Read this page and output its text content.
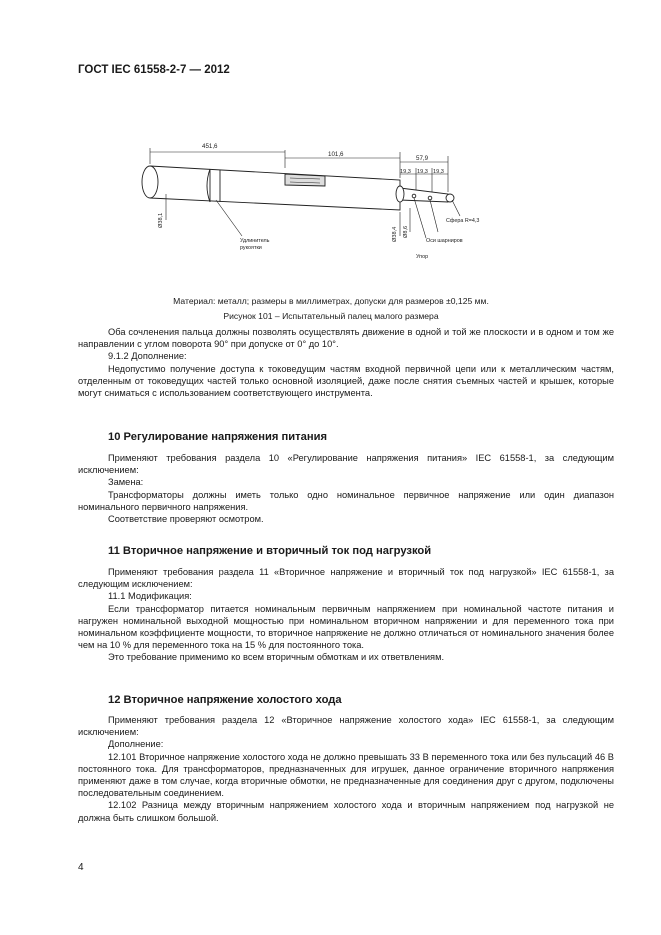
ГОСТ IEC 61558-2-7 — 2012
451,6
101,6
57,9
19,3 19,3 19,3
Ø38,1
Ø38,4 Ø8,6
Удлинитель
рукоятки
Сфера R=4,3
Оси шарниров
Упор
Материал: металл; размеры в миллиметрах, допуски для размеров ±0,125 мм.
Рисунок 101 – Испытательный палец малого размера

Оба сочленения пальца должны позволять осуществлять движение в одной и той же плоскости и в одном и том же направлении с углом поворота 90° при допуске от 0° до 10°.

9.1.2 Дополнение:

Недопустимо получение доступа к токоведущим частям входной первичной цепи или к металлическим частям, отделенным от токоведущих частей только основной изоляцией, даже после снятия съемных частей и крышек, которые могут сниматься с использованием соответствующего инструмента.

10 Регулирование напряжения питания

Применяют требования раздела 10 «Регулирование напряжения питания» IEC 61558-1, за следующим исключением:

Замена:

Трансформаторы должны иметь только одно номинальное первичное напряжение или один диапазон номинального первичного напряжения.

Соответствие проверяют осмотром.

11 Вторичное напряжение и вторичный ток под нагрузкой

Применяют требования раздела 11 «Вторичное напряжение и вторичный ток под нагрузкой» IEC 61558-1, за следующим исключением:

11.1 Модификация:

Если трансформатор питается номинальным первичным напряжением при номинальной частоте питания и нагружен номинальной выходной мощностью при номинальном вторичном напряжении и для переменного тока при номинальном коэффициенте мощности, то вторичное напряжение не должно отличаться от номинального значения более чем на 10 % для переменного тока на 15 % для постоянного тока.

Это требование применимо ко всем вторичным обмоткам и их ответвлениям.

12 Вторичное напряжение холостого хода

Применяют требования раздела 12 «Вторичное напряжение холостого хода» IEC 61558-1, за следующим исключением:

Дополнение:

12.101 Вторичное напряжение холостого хода не должно превышать 33 В переменного тока или без пульсаций 46 В постоянного тока. Для трансформаторов, предназначенных для игрушек, данное ограничение вторичного напряжения применяют даже в том случае, когда вторичные обмотки, не предназначенные для соединения друг с другом, подключены последовательным соединением.

12.102 Разница между вторичным напряжением холостого хода и вторичным напряжением под нагрузкой не должна быть слишком большой.

4
